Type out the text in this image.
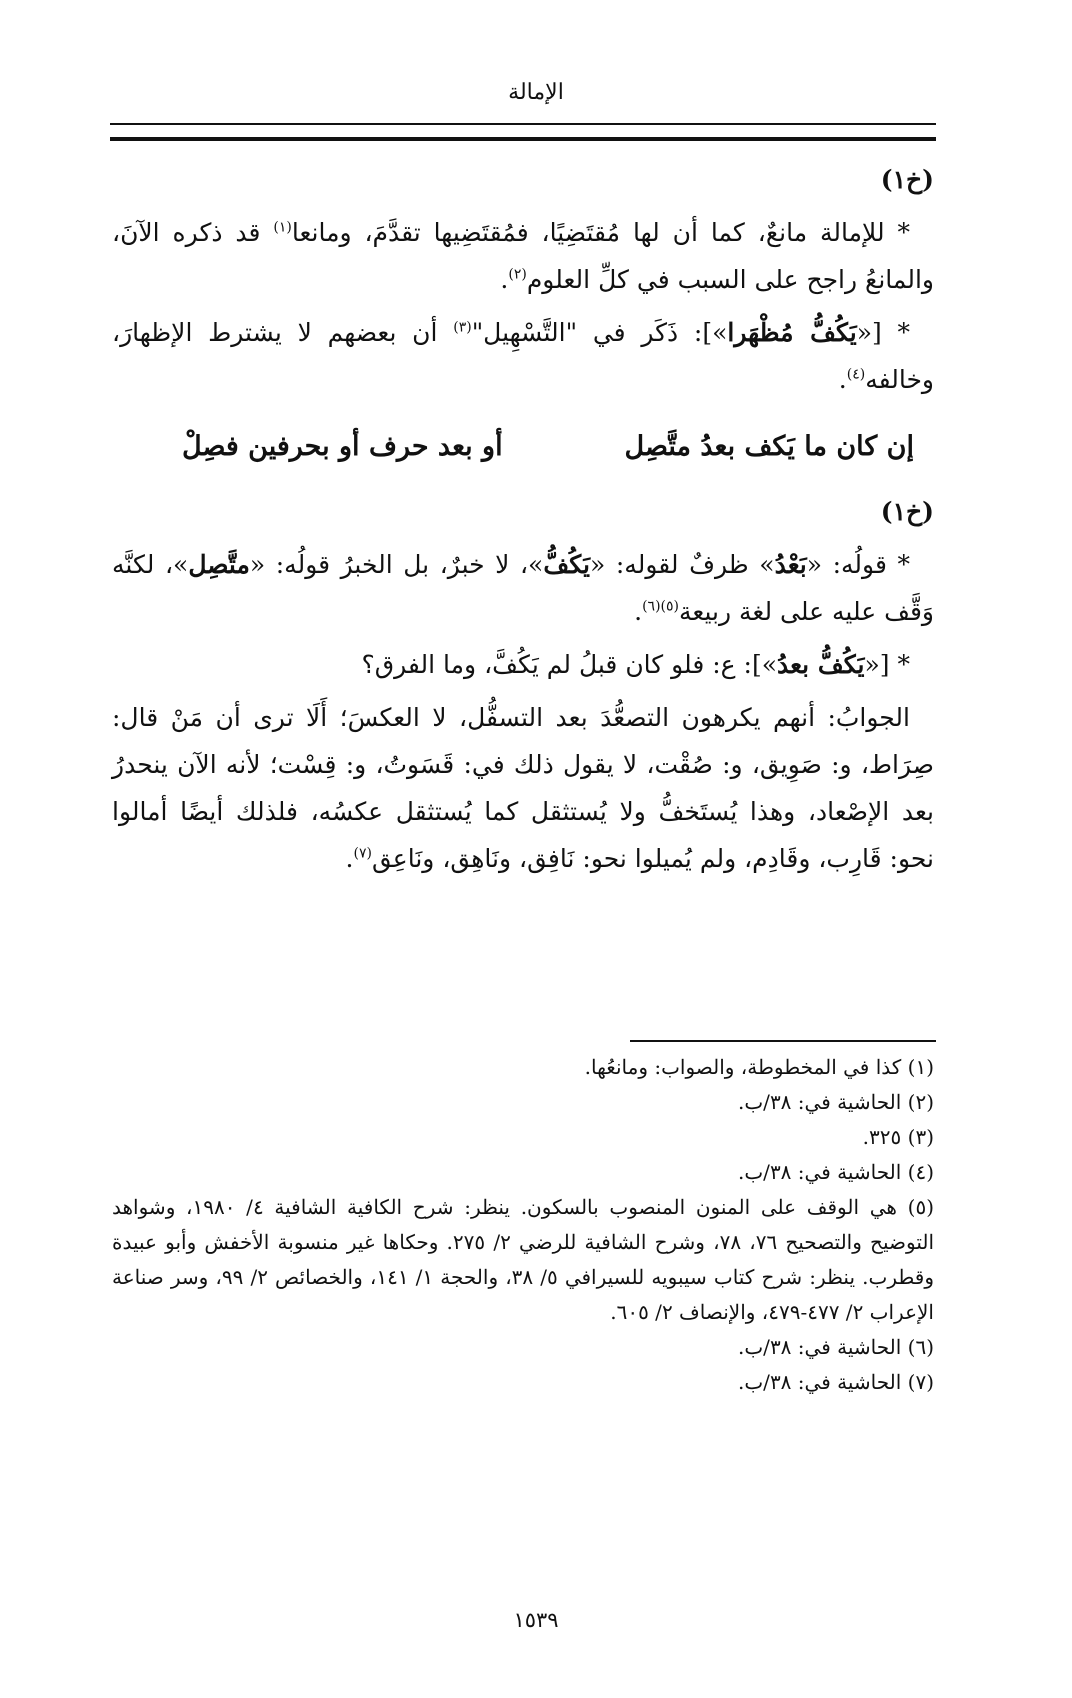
الإمالة

(خ١)

* للإمالة مانعٌ، كما أن لها مُقتَضِيًا، فمُقتَضِيها تقدَّمَ، ومانعا$^{(١)}$ قد ذكره الآنَ، والمانعُ راجح على السبب في كلِّ العلوم$^{(٢)}$.

* [«يَكُفُّ مُظْهَرا»]: ذَكَر في "التَّسْهِيل"$^{(٣)}$ أن بعضهم لا يشترط الإظهارَ، وخالفه$^{(٤)}$.

إن كان ما يَكف بعدُ متَّصِل
أو بعد حرف أو بحرفين فصِلْ

(خ١)

* قولُه: «بَعْدُ» ظرفٌ لقوله: «يَكُفُّ»، لا خبرٌ، بل الخبرُ قولُه: «متَّصِل»، لكنَّه وَقَّف عليه على لغة ربيعة$^{(٥)(٦)}$.

* [«يَكُفُّ بعدُ»]: ع: فلو كان قبلُ لم يَكُفَّ، وما الفرق؟

الجوابُ: أنهم يكرهون التصعُّدَ بعد التسفُّل، لا العكسَ؛ أَلَا ترى أن مَنْ قال: صِرَاط، و: صَوِيق، و: صُقْت، لا يقول ذلك في: قَسَوتُ، و: قِسْت؛ لأنه الآن ينحدرُ بعد الإصْعاد، وهذا يُستَخفُّ ولا يُستثقل كما يُستثقل عكسُه، فلذلك أيضًا أمالوا نحو: قَارِب، وقَادِم، ولم يُميلوا نحو: نَافِق، ونَاهِق، ونَاعِق$^{(٧)}$.

(١) كذا في المخطوطة، والصواب: ومانعُها.

(٢) الحاشية في: ٣٨/ب.

(٣) ٣٢٥.

(٤) الحاشية في: ٣٨/ب.

(٥) هي الوقف على المنون المنصوب بالسكون. ينظر: شرح الكافية الشافية ٤/ ١٩٨٠، وشواهد التوضيح والتصحيح ٧٦، ٧٨، وشرح الشافية للرضي ٢/ ٢٧٥. وحكاها غير منسوبة الأخفش وأبو عبيدة وقطرب. ينظر: شرح كتاب سيبويه للسيرافي ٥/ ٣٨، والحجة ١/ ١٤١، والخصائص ٢/ ٩٩، وسر صناعة الإعراب ٢/ ٤٧٧-٤٧٩، والإنصاف ٢/ ٦٠٥.

(٦) الحاشية في: ٣٨/ب.

(٧) الحاشية في: ٣٨/ب.

١٥٣٩
